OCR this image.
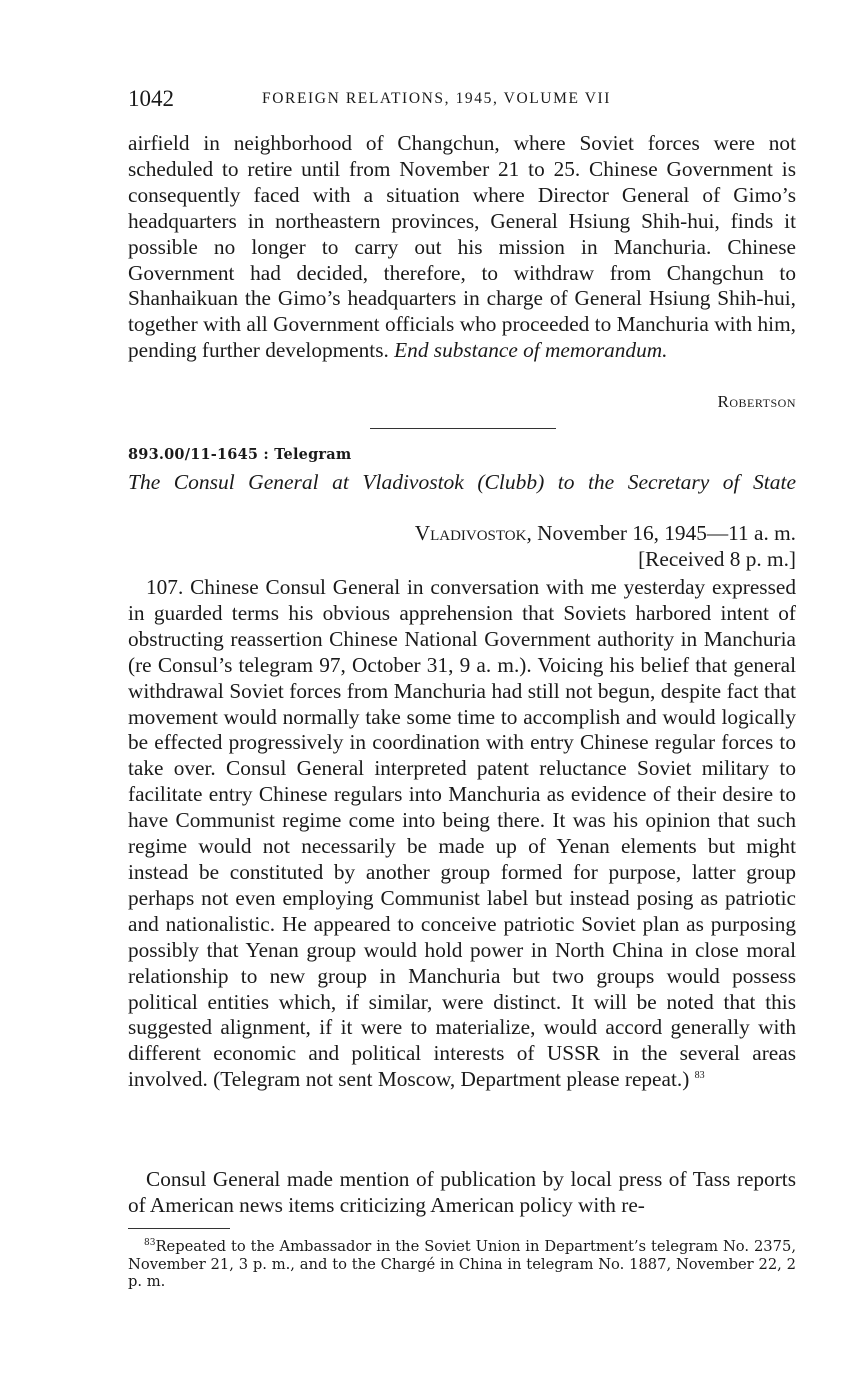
1042	FOREIGN RELATIONS, 1945, VOLUME VII

airfield in neighborhood of Changchun, where Soviet forces were not scheduled to retire until from November 21 to 25. Chinese Government is consequently faced with a situation where Director General of Gimo’s headquarters in northeastern provinces, General Hsiung Shih-hui, finds it possible no longer to carry out his mission in Manchuria. Chinese Government had decided, therefore, to withdraw from Changchun to Shanhaikuan the Gimo’s headquarters in charge of General Hsiung Shih-hui, together with all Government officials who proceeded to Manchuria with him, pending further developments. End substance of memorandum.

Robertson
893.00/11-1645 : Telegram
The Consul General at Vladivostok (Clubb) to the Secretary of State
Vladivostok, November 16, 1945—11 a. m.
[Received 8 p. m.]

107. Chinese Consul General in conversation with me yesterday expressed in guarded terms his obvious apprehension that Soviets harbored intent of obstructing reassertion Chinese National Government authority in Manchuria (re Consul’s telegram 97, October 31, 9 a. m.). Voicing his belief that general withdrawal Soviet forces from Manchuria had still not begun, despite fact that movement would normally take some time to accomplish and would logically be effected progressively in coordination with entry Chinese regular forces to take over. Consul General interpreted patent reluctance Soviet military to facilitate entry Chinese regulars into Manchuria as evidence of their desire to have Communist regime come into being there. It was his opinion that such regime would not necessarily be made up of Yenan elements but might instead be constituted by another group formed for purpose, latter group perhaps not even employing Communist label but instead posing as patriotic and nationalistic. He appeared to conceive patriotic Soviet plan as purposing possibly that Yenan group would hold power in North China in close moral relationship to new group in Manchuria but two groups would possess political entities which, if similar, were distinct. It will be noted that this suggested alignment, if it were to materialize, would accord generally with different economic and political interests of USSR in the several areas involved. (Telegram not sent Moscow, Department please repeat.) $^{83}$

Consul General made mention of publication by local press of Tass reports of American news items criticizing American policy with re-

$^{83}$Repeated to the Ambassador in the Soviet Union in Department’s telegram No. 2375, November 21, 3 p. m., and to the Chargé in China in telegram No. 1887, November 22, 2 p. m.
